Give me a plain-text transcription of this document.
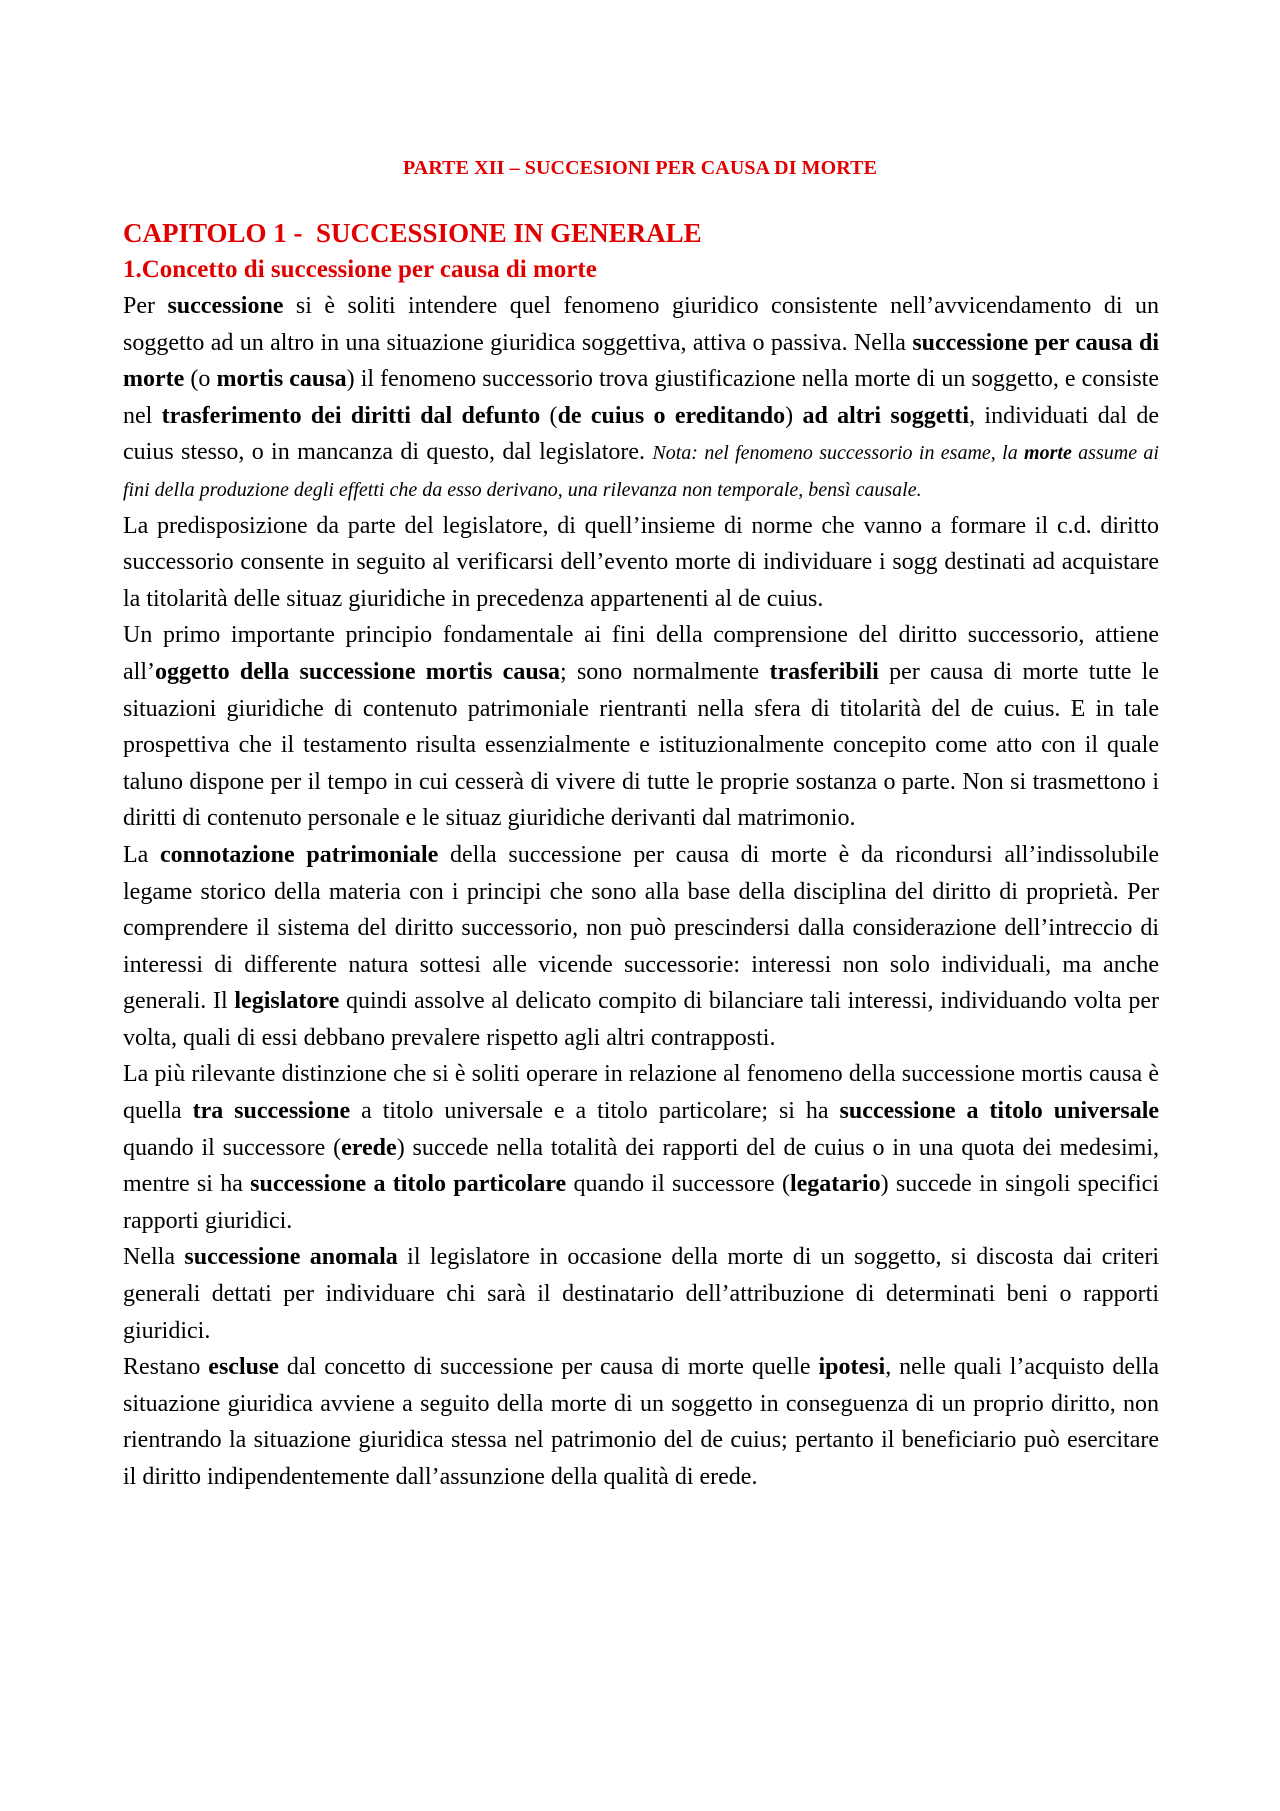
PARTE XII – SUCCESIONI PER CAUSA DI MORTE
CAPITOLO 1 -  SUCCESSIONE IN GENERALE
1.Concetto di successione per causa di morte

Per successione si è soliti intendere quel fenomeno giuridico consistente nell’avvicendamento di un soggetto ad un altro in una situazione giuridica soggettiva, attiva o passiva. Nella successione per causa di morte (o mortis causa) il fenomeno successorio trova giustificazione nella morte di un soggetto, e consiste nel trasferimento dei diritti dal defunto (de cuius o ereditando) ad altri soggetti, individuati dal de cuius stesso, o in mancanza di questo, dal legislatore. Nota: nel fenomeno successorio in esame, la morte assume ai fini della produzione degli effetti che da esso derivano, una rilevanza non temporale, bensì causale.

La predisposizione da parte del legislatore, di quell’insieme di norme che vanno a formare il c.d. diritto successorio consente in seguito al verificarsi dell’evento morte di individuare i sogg destinati ad acquistare la titolarità delle situaz giuridiche in precedenza appartenenti al de cuius.

Un primo importante principio fondamentale ai fini della comprensione del diritto successorio, attiene all’oggetto della successione mortis causa; sono normalmente trasferibili per causa di morte tutte le situazioni giuridiche di contenuto patrimoniale rientranti nella sfera di titolarità del de cuius. E in tale prospettiva che il testamento risulta essenzialmente e istituzionalmente concepito come atto con il quale taluno dispone per il tempo in cui cesserà di vivere di tutte le proprie sostanza o parte. Non si trasmettono i diritti di contenuto personale e le situaz giuridiche derivanti dal matrimonio.

La connotazione patrimoniale della successione per causa di morte è da ricondursi all’indissolubile legame storico della materia con i principi che sono alla base della disciplina del diritto di proprietà. Per comprendere il sistema del diritto successorio, non può prescindersi dalla considerazione dell’intreccio di interessi di differente natura sottesi alle vicende successorie: interessi non solo individuali, ma anche generali. Il legislatore quindi assolve al delicato compito di bilanciare tali interessi, individuando volta per volta, quali di essi debbano prevalere rispetto agli altri contrapposti.

La più rilevante distinzione che si è soliti operare in relazione al fenomeno della successione mortis causa è quella tra successione a titolo universale e a titolo particolare; si ha successione a titolo universale quando il successore (erede) succede nella totalità dei rapporti del de cuius o in una quota dei medesimi, mentre si ha successione a titolo particolare quando il successore (legatario) succede in singoli specifici rapporti giuridici.

Nella successione anomala il legislatore in occasione della morte di un soggetto, si discosta dai criteri generali dettati per individuare chi sarà il destinatario dell’attribuzione di determinati beni o rapporti giuridici.

Restano escluse dal concetto di successione per causa di morte quelle ipotesi, nelle quali l’acquisto della situazione giuridica avviene a seguito della morte di un soggetto in conseguenza di un proprio diritto, non rientrando la situazione giuridica stessa nel patrimonio del de cuius; pertanto il beneficiario può esercitare il diritto indipendentemente dall’assunzione della qualità di erede.
